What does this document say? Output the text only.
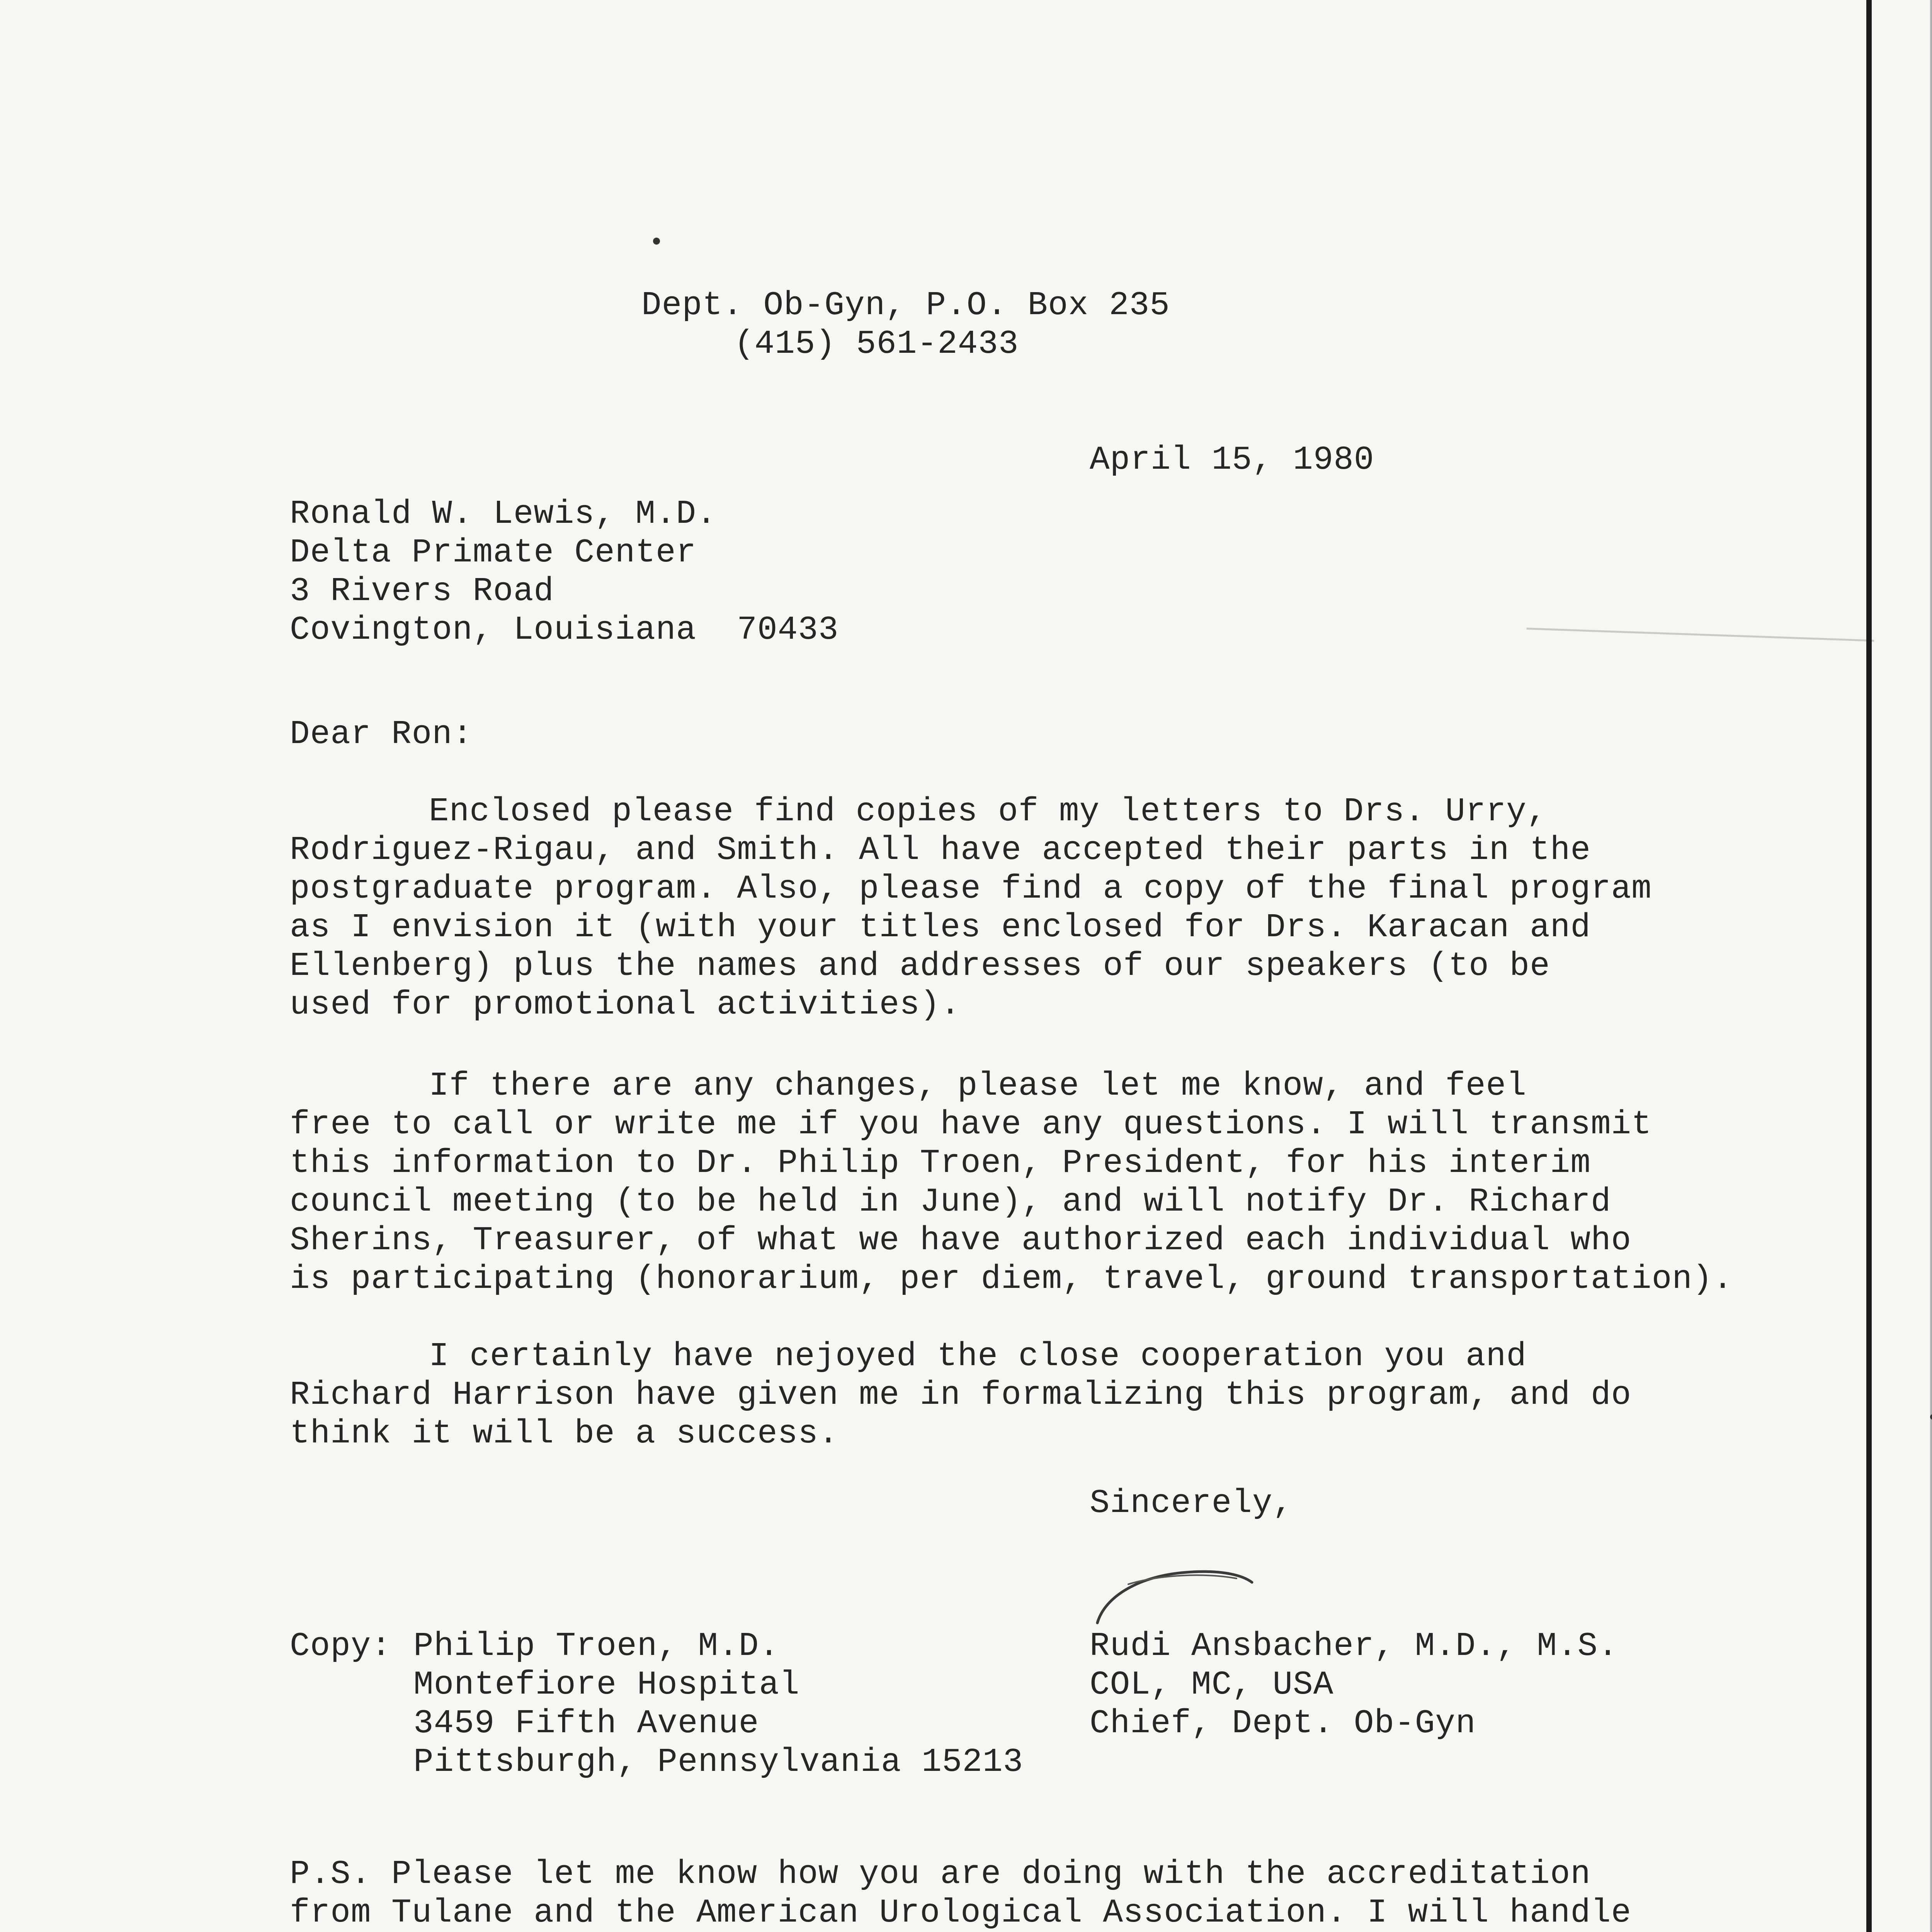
Dept. Ob-Gyn, P.O. Box 235
(415) 561-2433
April 15, 1980
Ronald W. Lewis, M.D.
Delta Primate Center
3 Rivers Road
Covington, Louisiana  70433
Dear Ron:
Enclosed please find copies of my letters to Drs. Urry,
Rodriguez-Rigau, and Smith. All have accepted their parts in the
postgraduate program. Also, please find a copy of the final program
as I envision it (with your titles enclosed for Drs. Karacan and
Ellenberg) plus the names and addresses of our speakers (to be
used for promotional activities).
If there are any changes, please let me know, and feel
free to call or write me if you have any questions. I will transmit
this information to Dr. Philip Troen, President, for his interim
council meeting (to be held in June), and will notify Dr. Richard
Sherins, Treasurer, of what we have authorized each individual who
is participating (honorarium, per diem, travel, ground transportation).
I certainly have nejoyed the close cooperation you and
Richard Harrison have given me in formalizing this program, and do
think it will be a success.
Sincerely,
Copy: Philip Troen, M.D.
Montefiore Hospital
3459 Fifth Avenue
Pittsburgh, Pennsylvania 15213
Rudi Ansbacher, M.D., M.S.
COL, MC, USA
Chief, Dept. Ob-Gyn
P.S. Please let me know how you are doing with the accreditation
from Tulane and the American Urological Association. I will handle
